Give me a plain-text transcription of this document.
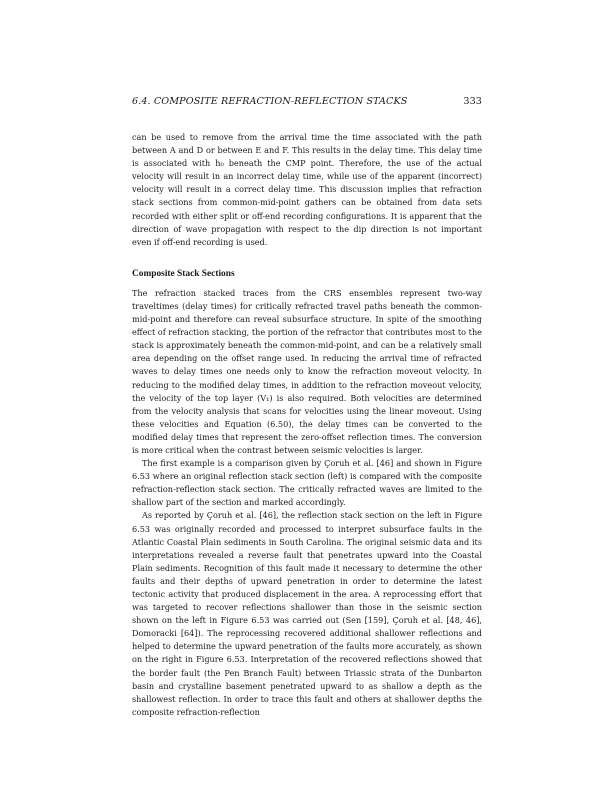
6.4. COMPOSITE REFRACTION-REFLECTION STACKS	333

can be used to remove from the arrival time the time associated with the path between A and D or between E and F. This results in the delay time. This delay time is associated with h₀ beneath the CMP point. Therefore, the use of the actual velocity will result in an incorrect delay time, while use of the apparent (incorrect) velocity will result in a correct delay time. This discussion implies that refraction stack sections from common-mid-point gathers can be obtained from data sets recorded with either split or off-end recording configurations. It is apparent that the direction of wave propagation with respect to the dip direction is not important even if off-end recording is used.

Composite Stack Sections

The refraction stacked traces from the CRS ensembles represent two-way traveltimes (delay times) for critically refracted travel paths beneath the common-mid-point and therefore can reveal subsurface structure. In spite of the smoothing effect of refraction stacking, the portion of the refractor that contributes most to the stack is approximately beneath the common-mid-point, and can be a relatively small area depending on the offset range used. In reducing the arrival time of refracted waves to delay times one needs only to know the refraction moveout velocity. In reducing to the modified delay times, in addition to the refraction moveout velocity, the velocity of the top layer (V₁) is also required. Both velocities are determined from the velocity analysis that scans for velocities using the linear moveout. Using these velocities and Equation (6.50), the delay times can be converted to the modified delay times that represent the zero-offset reflection times. The conversion is more critical when the contrast between seismic velocities is larger.

The first example is a comparison given by Çoruh et al. [46] and shown in Figure 6.53 where an original reflection stack section (left) is compared with the composite refraction-reflection stack section. The critically refracted waves are limited to the shallow part of the section and marked accordingly.

As reported by Çoruh et al. [46], the reflection stack section on the left in Figure 6.53 was originally recorded and processed to interpret subsurface faults in the Atlantic Coastal Plain sediments in South Carolina. The original seismic data and its interpretations revealed a reverse fault that penetrates upward into the Coastal Plain sediments. Recognition of this fault made it necessary to determine the other faults and their depths of upward penetration in order to determine the latest tectonic activity that produced displacement in the area. A reprocessing effort that was targeted to recover reflections shallower than those in the seismic section shown on the left in Figure 6.53 was carried out (Sen [159], Çoruh et al. [48, 46], Domoracki [64]). The reprocessing recovered additional shallower reflections and helped to determine the upward penetration of the faults more accurately, as shown on the right in Figure 6.53. Interpretation of the recovered reflections showed that the border fault (the Pen Branch Fault) between Triassic strata of the Dunbarton basin and crystalline basement penetrated upward to as shallow a depth as the shallowest reflection. In order to trace this fault and others at shallower depths the composite refraction-reflection
